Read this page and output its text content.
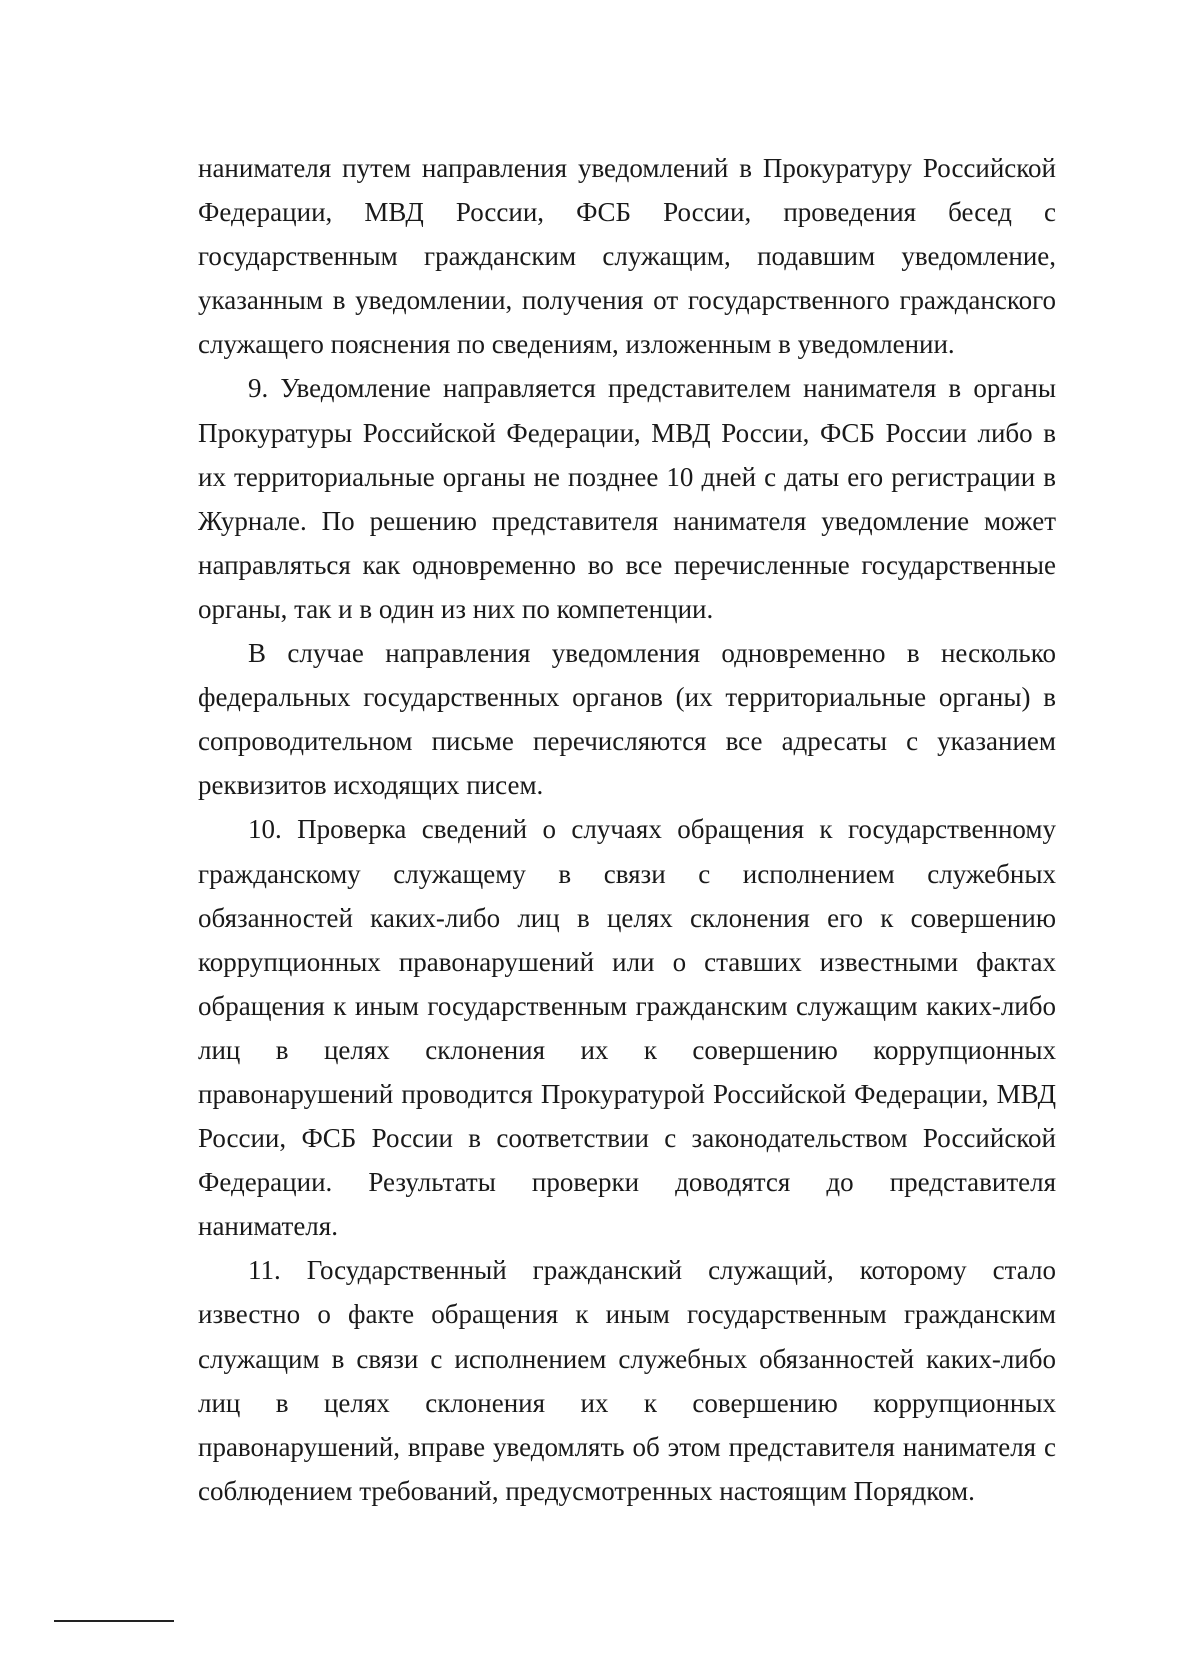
нанимателя путем направления уведомлений в Прокуратуру Российской Федерации, МВД России, ФСБ России, проведения бесед с государственным гражданским служащим, подавшим уведомление, указанным в уведомлении, получения от государственного гражданского служащего пояснения по сведениям, изложенным в уведомлении.

9. Уведомление направляется представителем нанимателя в органы Прокуратуры Российской Федерации, МВД России, ФСБ России либо в их территориальные органы не позднее 10 дней с даты его регистрации в Журнале. По решению представителя нанимателя уведомление может направляться как одновременно во все перечисленные государственные органы, так и в один из них по компетенции.

В случае направления уведомления одновременно в несколько федеральных государственных органов (их территориальные органы) в сопроводительном письме перечисляются все адресаты с указанием реквизитов исходящих писем.

10. Проверка сведений о случаях обращения к государственному гражданскому служащему в связи с исполнением служебных обязанностей каких-либо лиц в целях склонения его к совершению коррупционных правонарушений или о ставших известными фактах обращения к иным государственным гражданским служащим каких-либо лиц в целях склонения их к совершению коррупционных правонарушений проводится Прокуратурой Российской Федерации, МВД России, ФСБ России в соответствии с законодательством Российской Федерации. Результаты проверки доводятся до представителя нанимателя.

11. Государственный гражданский служащий, которому стало известно о факте обращения к иным государственным гражданским служащим в связи с исполнением служебных обязанностей каких-либо лиц в целях склонения их к совершению коррупционных правонарушений, вправе уведомлять об этом представителя нанимателя с соблюдением требований, предусмотренных настоящим Порядком.
